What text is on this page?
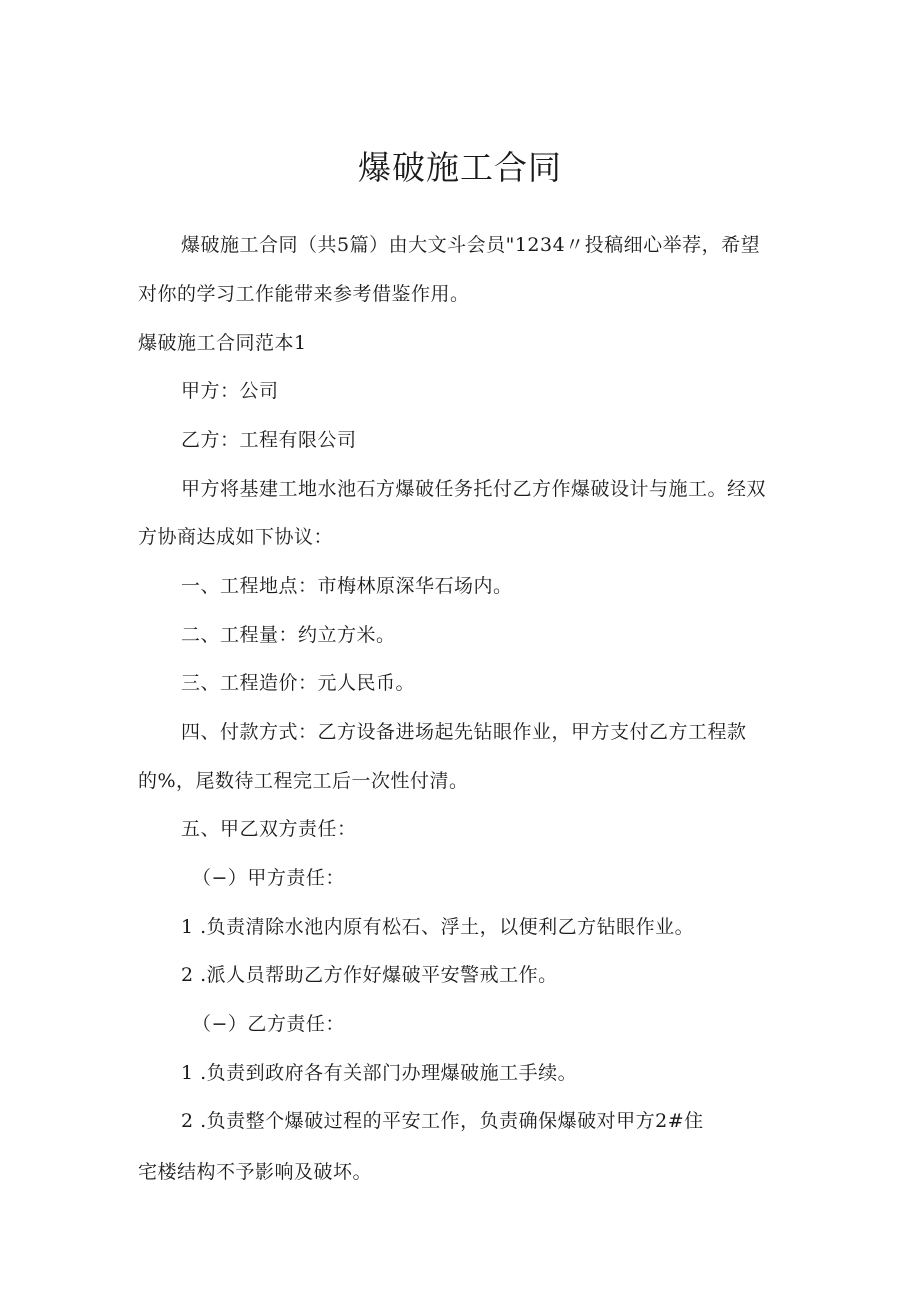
爆破施工合同
爆破施工合同（共5篇）由大文斗会员"1234〃投稿细心举荐，希望
对你的学习工作能带来参考借鉴作用。
爆破施工合同范本1
甲方：公司
乙方：工程有限公司
甲方将基建工地水池石方爆破任务托付乙方作爆破设计与施工。经双
方协商达成如下协议：
一、工程地点：市梅林原深华石场内。
二、工程量：约立方米。
三、工程造价：元人民币。
四、付款方式：乙方设备进场起先钻眼作业，甲方支付乙方工程款
的%，尾数待工程完工后一次性付清。
五、甲乙双方责任：
（−）甲方责任：
1 .负责清除水池内原有松石、浮土，以便利乙方钻眼作业。
2 .派人员帮助乙方作好爆破平安警戒工作。
（−）乙方责任：
1 .负责到政府各有关部门办理爆破施工手续。
2 .负责整个爆破过程的平安工作，负责确保爆破对甲方2#住
宅楼结构不予影响及破坏。
